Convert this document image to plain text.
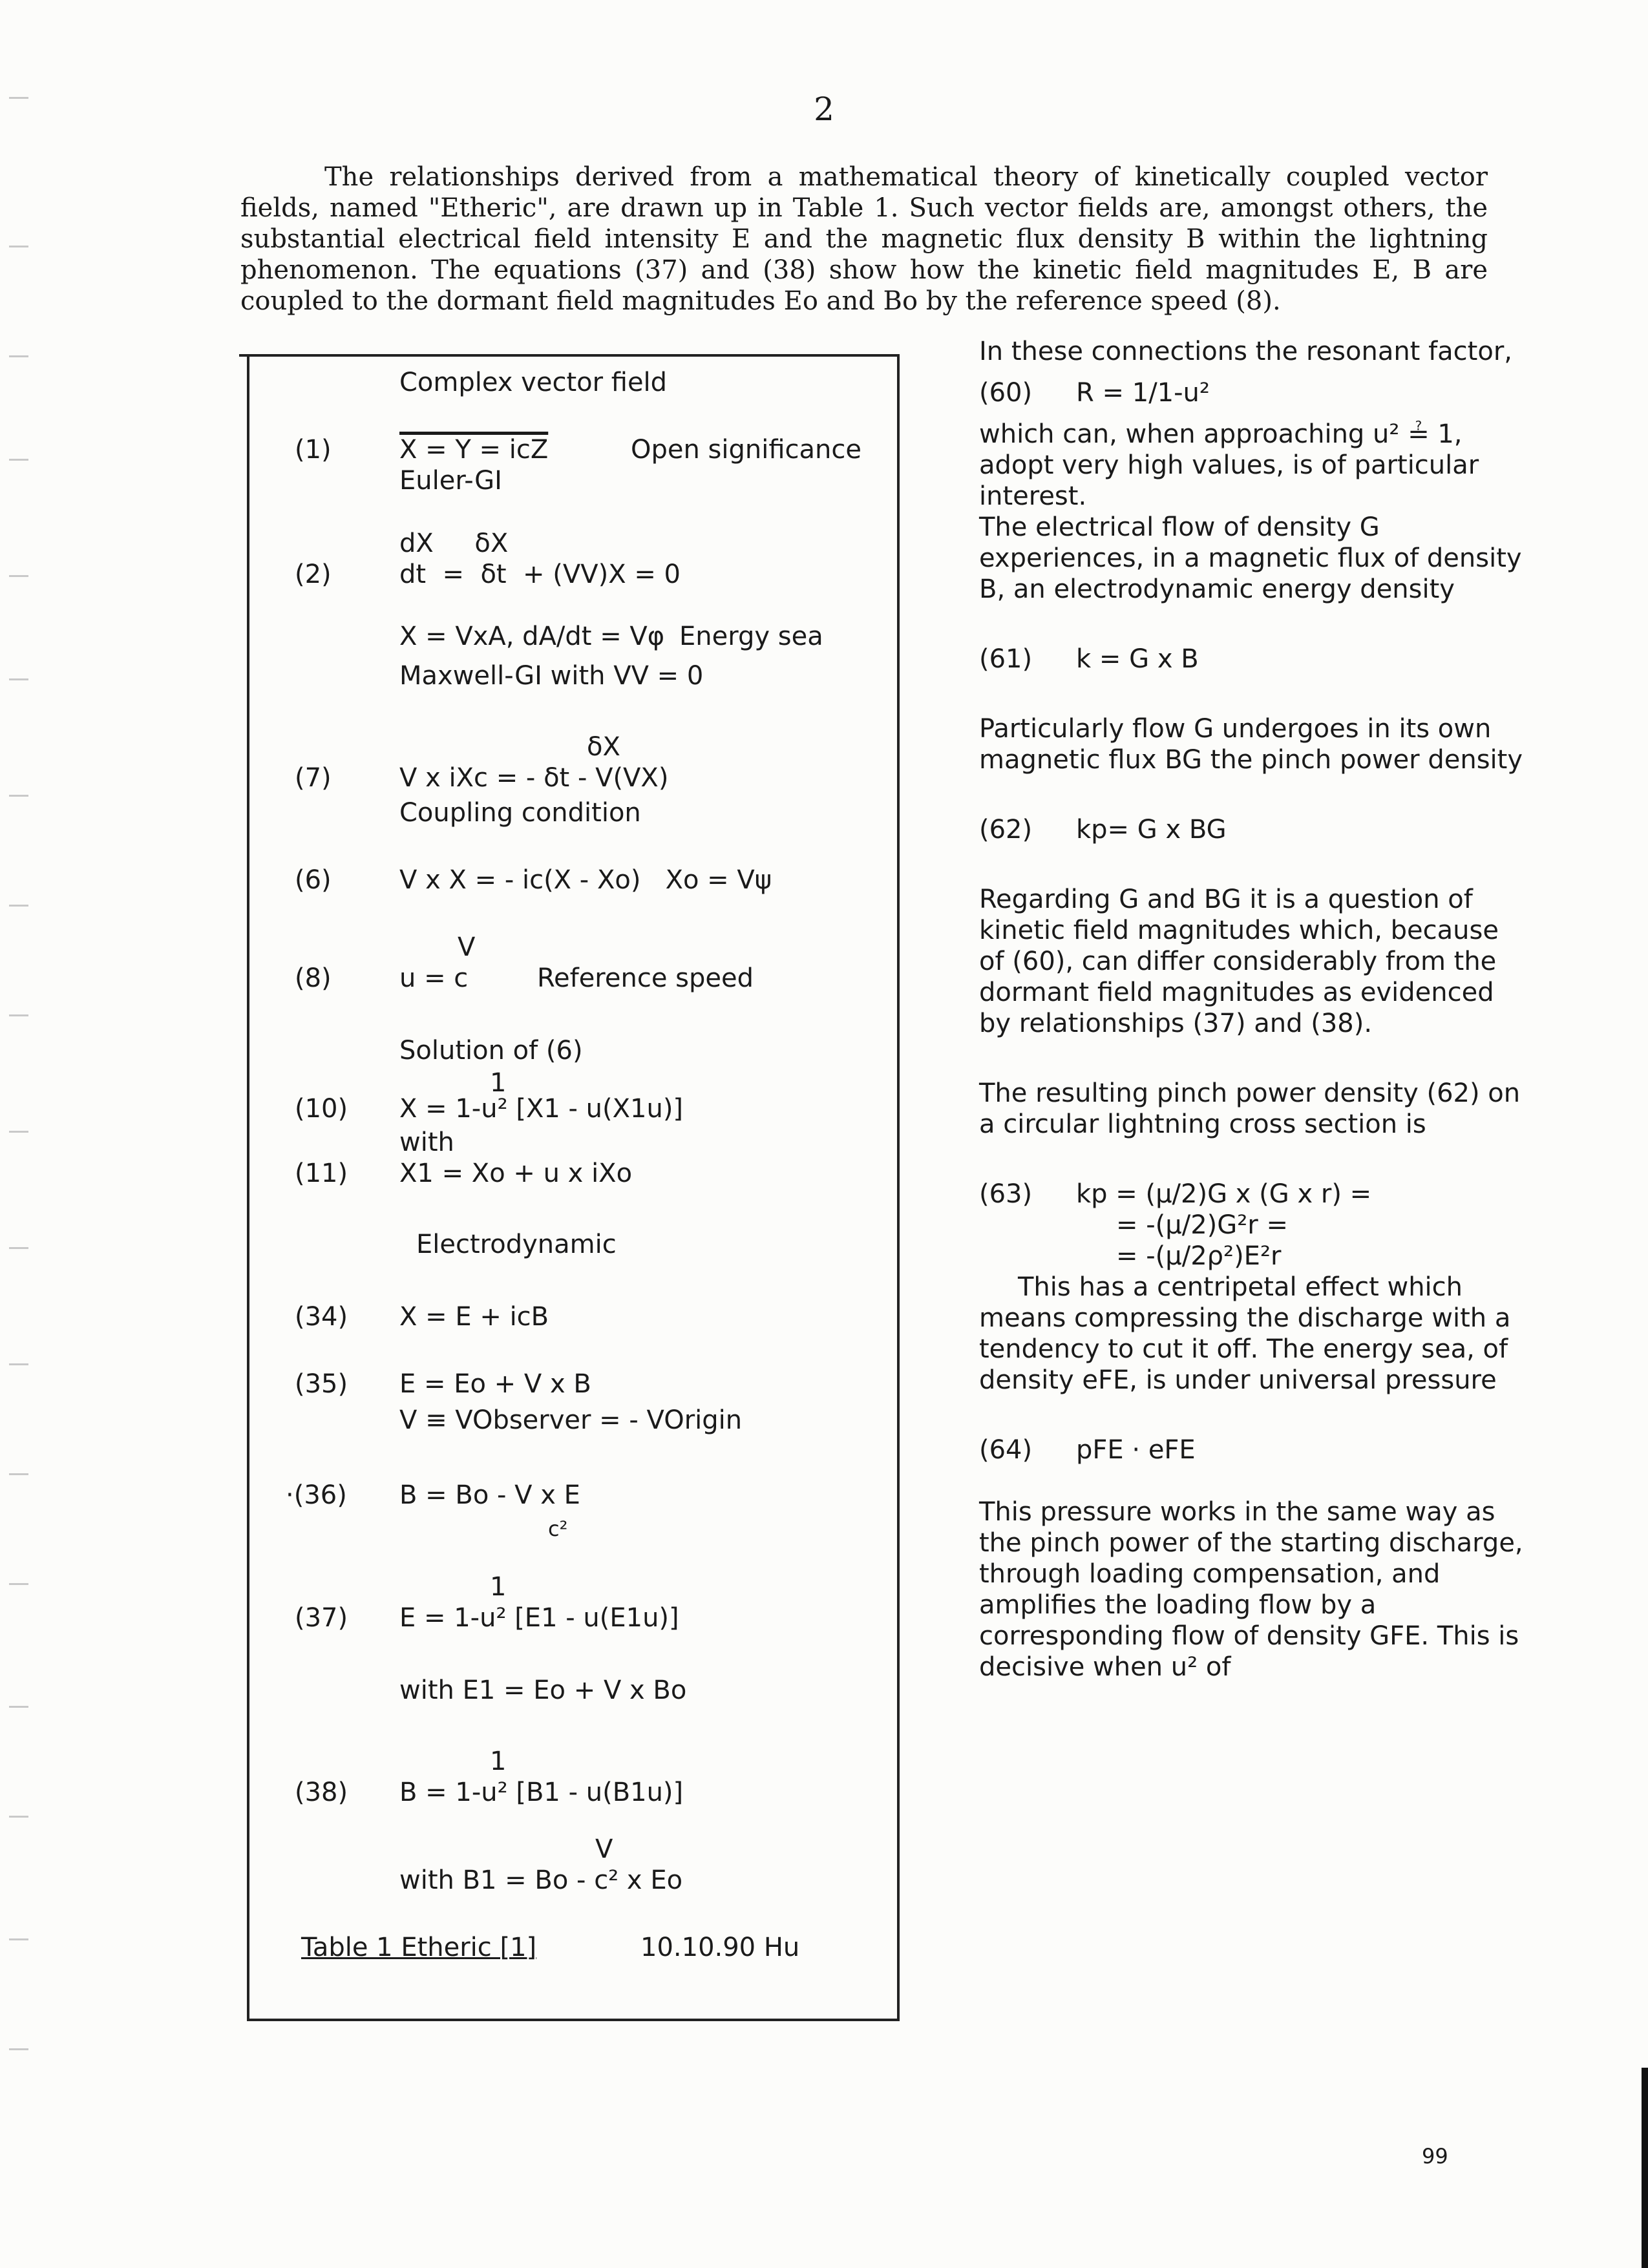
2

The relationships derived from a mathematical theory of kinetically coupled vector fields, named "Etheric", are drawn up in Table 1. Such vector fields are, amongst others, the substantial electrical field intensity E and the magnetic flux density B within the lightning phenomenon. The equations (37) and (38) show how the kinetic field magnitudes E, B are coupled to the dormant field magnitudes Eo and Bo by the reference speed (8).

Complex vector field
(1)	X = Y = icZ	Open significance
Euler-GI
dX     δX
(2)	dt  =  δt  + (VV)X = 0
X = VxA, dA/dt = Vφ Energy sea
Maxwell-GI with VV = 0
δX
(7)	V x iXc = - δt - V(VX)
Coupling condition
(6)	V x X = - ic(X - Xo)   Xo = Vψ
V
(8)	u = c	Reference speed
Solution of (6)
1
(10) X = 1-u² [X1 - u(X1u)]
with
(11) X1 = Xo + u x iXo
Electrodynamic
(34) X = E + icB
(35) E = Eo + V x B
V ≡ VObserver = - VOrigin
·(36) B = Bo - V x E
c²
1
(37) E = 1-u² [E1 - u(E1u)]
with E1 = Eo + V x Bo
1
(38) B = 1-u² [B1 - u(B1u)]
V
with B1 = Bo - c² x Eo
Table 1 Etheric [1]	10.10.90 Hu

In these connections the resonant factor,

(60) R = 1/1-u²

which can, when approaching u² ≟ 1, adopt very high values, is of particular interest.

The electrical flow of density G experiences, in a magnetic flux of density B, an electrodynamic energy density

(61) k = G x B

Particularly flow G undergoes in its own magnetic flux BG the pinch power density

(62) kp= G x BG

Regarding G and BG it is a question of kinetic field magnitudes which, because of (60), can differ considerably from the dormant field magnitudes as evidenced by relationships (37) and (38).

The resulting pinch power density (62) on a circular lightning cross section is

(63) kp = (μ/2)G x (G x r) =

= -(μ/2)G²r =

= -(μ/2ρ²)E²r

This has a centripetal effect which means compressing the discharge with a tendency to cut it off. The energy sea, of density eFE, is under universal pressure

(64) pFE · eFE

This pressure works in the same way as the pinch power of the starting discharge, through loading compensation, and amplifies the loading flow by a corresponding flow of density GFE. This is decisive when u² of

99
